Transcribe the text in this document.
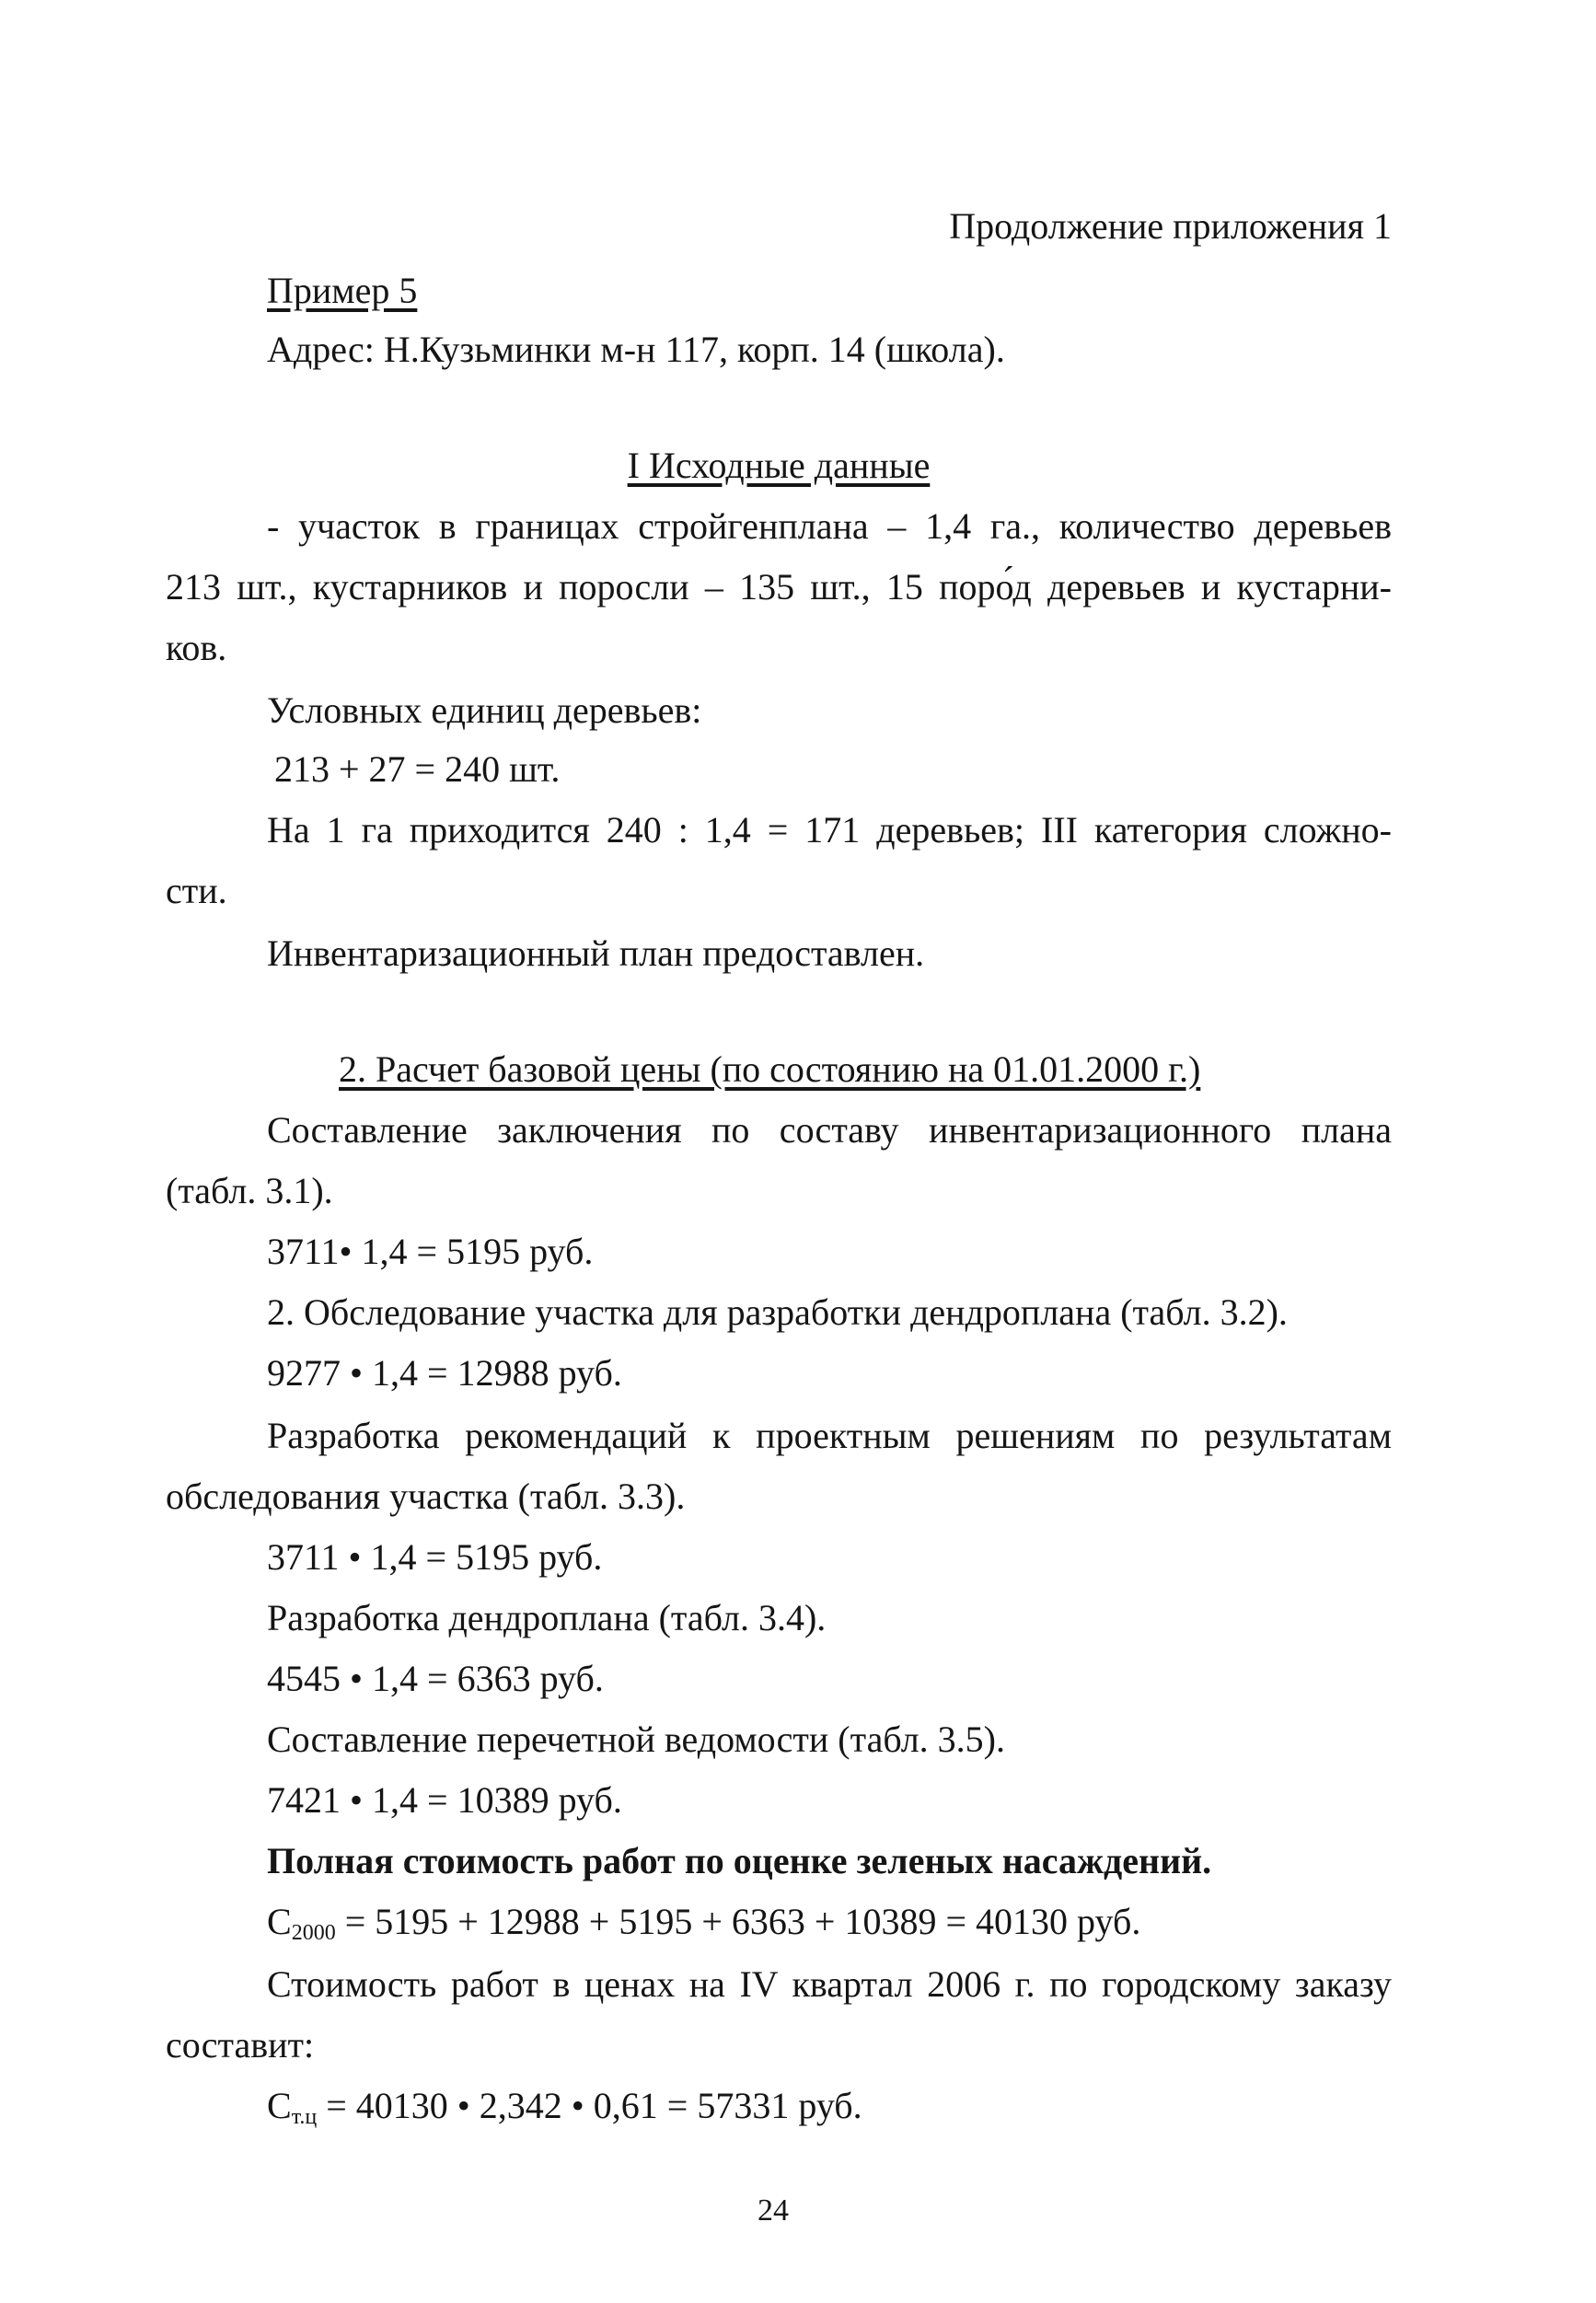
Продолжение приложения 1
Пример 5
Адрес: Н.Кузьминки м-н 117, корп. 14 (школа).
I Исходные данные
- участок в границах стройгенплана – 1,4 га., количество деревьев
213 шт., кустарников и поросли – 135 шт., 15 поро́д деревьев и кустарни-
ков.
Условных единиц деревьев:
213 + 27 = 240 шт.
На 1 га приходится 240 : 1,4 = 171 деревьев; III категория сложно-
сти.
Инвентаризационный план предоставлен.
2. Расчет базовой цены (по состоянию на 01.01.2000 г.)
Составление заключения по составу инвентаризационного плана
(табл. 3.1).
3711• 1,4 = 5195 руб.
2. Обследование участка для разработки дендроплана (табл. 3.2).
9277 • 1,4 = 12988 руб.
Разработка рекомендаций к проектным решениям по результатам
обследования участка (табл. 3.3).
3711 • 1,4 = 5195 руб.
Разработка дендроплана (табл. 3.4).
4545 • 1,4 = 6363 руб.
Составление перечетной ведомости (табл. 3.5).
7421 • 1,4 = 10389 руб.
Полная стоимость работ по оценке зеленых насаждений.
$С_{2000} = 5195 + 12988 + 5195 + 6363 + 10389 = 40130$ руб.
Стоимость работ в ценах на IV квартал 2006 г. по городскому заказу
составит:
$С_{т.ц} = 40130$ • 2,342 • 0,61 = 57331 руб.
24
